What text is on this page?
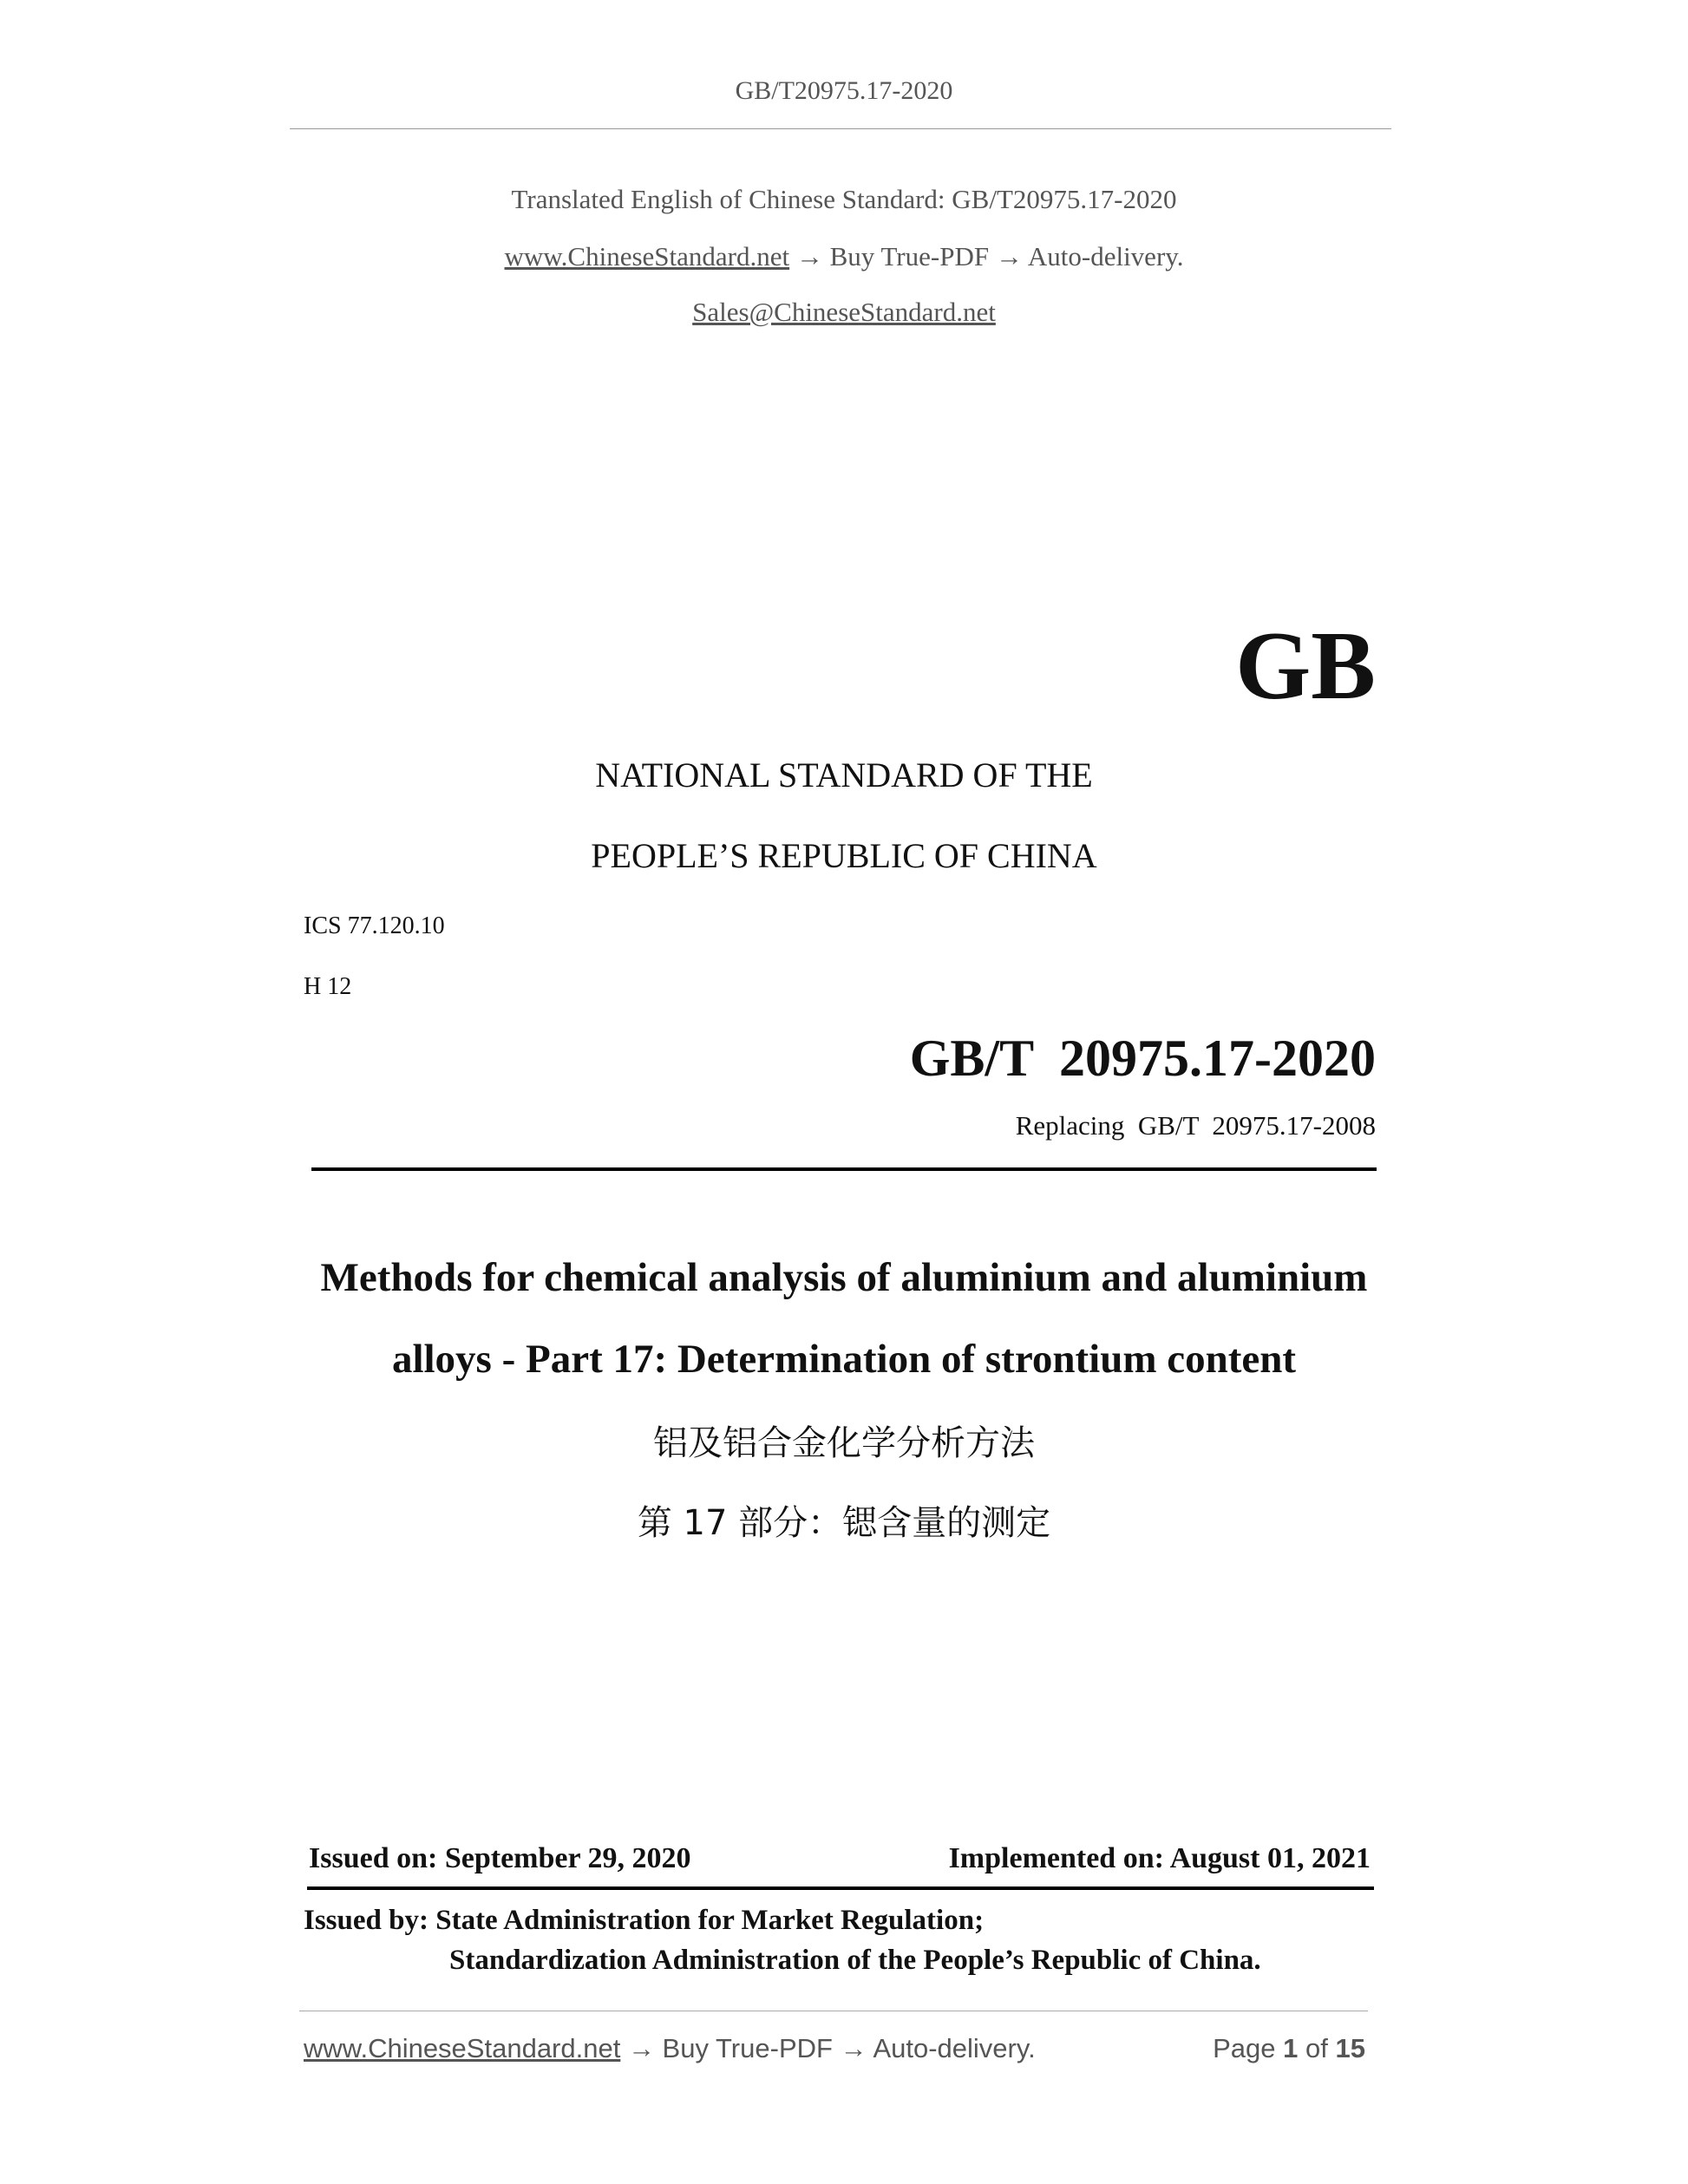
GB/T20975.17-2020
Translated English of Chinese Standard: GB/T20975.17-2020
www.ChineseStandard.net → Buy True-PDF → Auto-delivery.
Sales@ChineseStandard.net
GB
NATIONAL STANDARD OF THE
PEOPLE’S REPUBLIC OF CHINA
ICS 77.120.10
H 12
GB/T  20975.17-2020
Replacing  GB/T  20975.17-2008
Methods for chemical analysis of aluminium and aluminium
alloys - Part 17: Determination of strontium content
铝及铝合金化学分析方法
第 17 部分：锶含量的测定
Issued on: September 29, 2020	Implemented on: August 01, 2021
Issued by: State Administration for Market Regulation;
Standardization Administration of the People’s Republic of China.
www.ChineseStandard.net → Buy True-PDF → Auto-delivery.	Page 1 of 15
